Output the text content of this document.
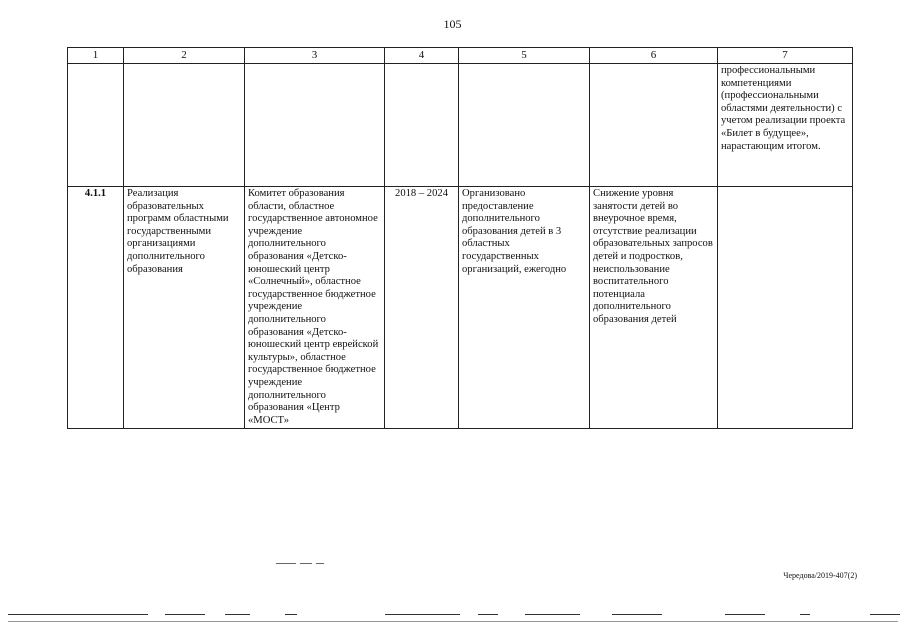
105
1	2	3	4	5	6	7
						профессиональными компетенциями (профессиональными областями деятельности) с учетом реализации проекта «Билет в будущее», нарастающим итогом.
4.1.1	Реализация образовательных программ областными государственными организациями дополнительного образования	Комитет образования области, областное государственное автономное учреждение дополнительного образования «Детско-юношеский центр «Солнечный», областное государственное бюджетное учреждение дополнительного образования «Детско-юношеский центр еврейской культуры», областное государственное бюджетное учреждение дополнительного образования «Центр «МОСТ»	2018 – 2024	Организовано предоставление дополнительного образования детей в 3 областных государственных организаций, ежегодно	Снижение уровня занятости детей во внеурочное время, отсутствие реализации образовательных запросов детей и подростков, неиспользование воспитательного потенциала дополнительного образования детей	
Чередова/2019-407(2)
